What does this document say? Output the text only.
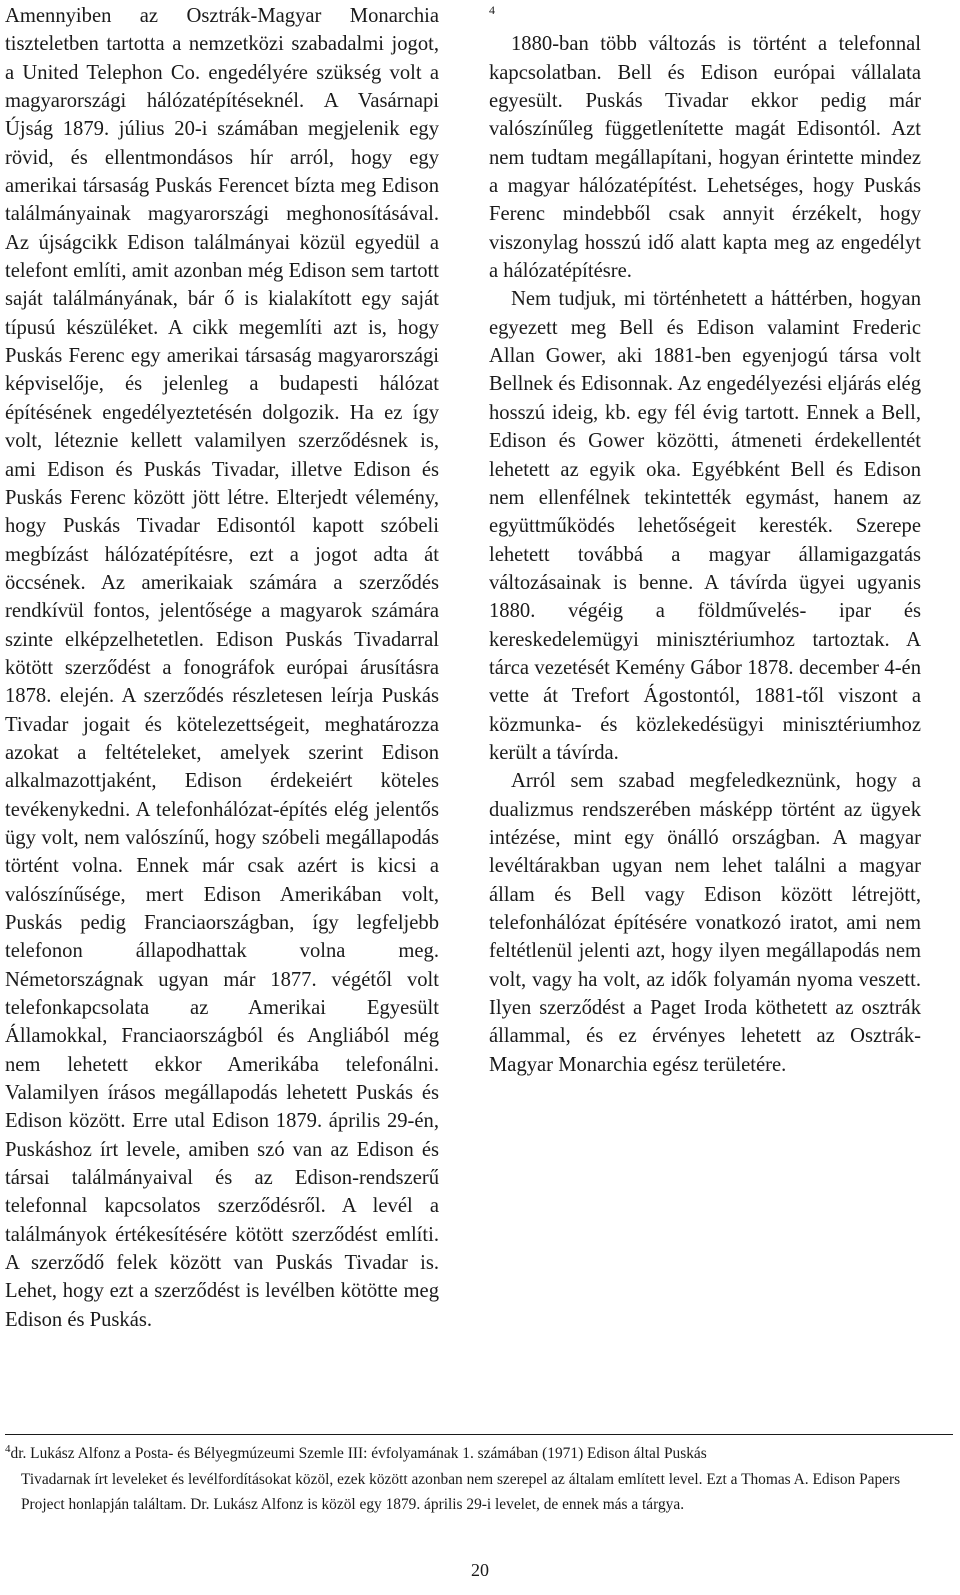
Amennyiben az Osztrák-Magyar Monarchia tiszteletben tartotta a nemzetközi szabadalmi jogot, a United Telephon Co. engedélyére szükség volt a magyarországi hálózatépítéseknél. A Vasárnapi Újság 1879. július 20-i számában megjelenik egy rövid, és ellentmondásos hír arról, hogy egy amerikai társaság Puskás Ferencet bízta meg Edison találmányainak magyarországi meghonosításával. Az újságcikk Edison találmányai közül egyedül a telefont említi, amit azonban még Edison sem tartott saját találmányának, bár ő is kialakított egy saját típusú készüléket. A cikk megemlíti azt is, hogy Puskás Ferenc egy amerikai társaság magyarországi képviselője, és jelenleg a budapesti hálózat építésének engedélyeztetésén dolgozik. Ha ez így volt, léteznie kellett valamilyen szerződésnek is, ami Edison és Puskás Tivadar, illetve Edison és Puskás Ferenc között jött létre. Elterjedt vélemény, hogy Puskás Tivadar Edisontól kapott szóbeli megbízást hálózatépítésre, ezt a jogot adta át öccsének. Az amerikaiak számára a szerződés rendkívül fontos, jelentősége a magyarok számára szinte elképzelhetetlen. Edison Puskás Tivadarral kötött szerződést a fonográfok európai árusításra 1878. elején. A szerződés részletesen leírja Puskás Tivadar jogait és kötelezettségeit, meghatározza azokat a feltételeket, amelyek szerint Edison alkalmazottjaként, Edison érdekeiért köteles tevékenykedni. A telefonhálózat-építés elég jelentős ügy volt, nem valószínű, hogy szóbeli megállapodás történt volna. Ennek már csak azért is kicsi a valószínűsége, mert Edison Amerikában volt, Puskás pedig Franciaországban, így legfeljebb telefonon állapodhattak volna meg. Németországnak ugyan már 1877. végétől volt telefonkapcsolata az Amerikai Egyesült Államokkal, Franciaországból és Angliából még nem lehetett ekkor Amerikába telefonálni. Valamilyen írásos megállapodás lehetett Puskás és Edison között. Erre utal Edison 1879. április 29-én, Puskáshoz írt levele, amiben szó van az Edison és társai találmányaival és az Edison-rendszerű telefonnal kapcsolatos szerződésről. A levél a találmányok értékesítésére kötött szerződést említi. A szerződő felek között van Puskás Tivadar is. Lehet, hogy ezt a szerződést is levélben kötötte meg Edison és Puskás.

$^4$

1880-ban több változás is történt a telefonnal kapcsolatban. Bell és Edison európai vállalata egyesült. Puskás Tivadar ekkor pedig már valószínűleg függetlenítette magát Edisontól. Azt nem tudtam megállapítani, hogyan érintette mindez a magyar hálózatépítést. Lehetséges, hogy Puskás Ferenc mindebből csak annyit érzékelt, hogy viszonylag hosszú idő alatt kapta meg az engedélyt a hálózatépítésre.

Nem tudjuk, mi történhetett a háttérben, hogyan egyezett meg Bell és Edison valamint Frederic Allan Gower, aki 1881-ben egyenjogú társa volt Bellnek és Edisonnak. Az engedélyezési eljárás elég hosszú ideig, kb. egy fél évig tartott. Ennek a Bell, Edison és Gower közötti, átmeneti érdekellentét lehetett az egyik oka. Egyébként Bell és Edison nem ellenfélnek tekintették egymást, hanem az együttműködés lehetőségeit keresték. Szerepe lehetett továbbá a magyar államigazgatás változásainak is benne. A távírda ügyei ugyanis 1880. végéig a földművelés- ipar és kereskedelemügyi minisztériumhoz tartoztak. A tárca vezetését Kemény Gábor 1878. december 4-én vette át Trefort Ágostontól, 1881-től viszont a közmunka- és közlekedésügyi minisztériumhoz került a távírda.

Arról sem szabad megfeledkeznünk, hogy a dualizmus rendszerében másképp történt az ügyek intézése, mint egy önálló országban. A magyar levéltárakban ugyan nem lehet találni a magyar állam és Bell vagy Edison között létrejött, telefonhálózat építésére vonatkozó iratot, ami nem feltétlenül jelenti azt, hogy ilyen megállapodás nem volt, vagy ha volt, az idők folyamán nyoma veszett. Ilyen szerződést a Paget Iroda köthetett az osztrák állammal, és ez érvényes lehetett az Osztrák-Magyar Monarchia egész területére.

$^4$dr. Lukász Alfonz a Posta- és Bélyegmúzeumi Szemle III: évfolyamának 1. számában (1971) Edison által Puskás
Tivadarnak írt leveleket és levélfordításokat közöl, ezek között azonban nem szerepel az általam említett level. Ezt a Thomas A. Edison Papers Project honlapján találtam. Dr. Lukász Alfonz is közöl egy 1879. április 29-i levelet, de ennek más a tárgya.
20
